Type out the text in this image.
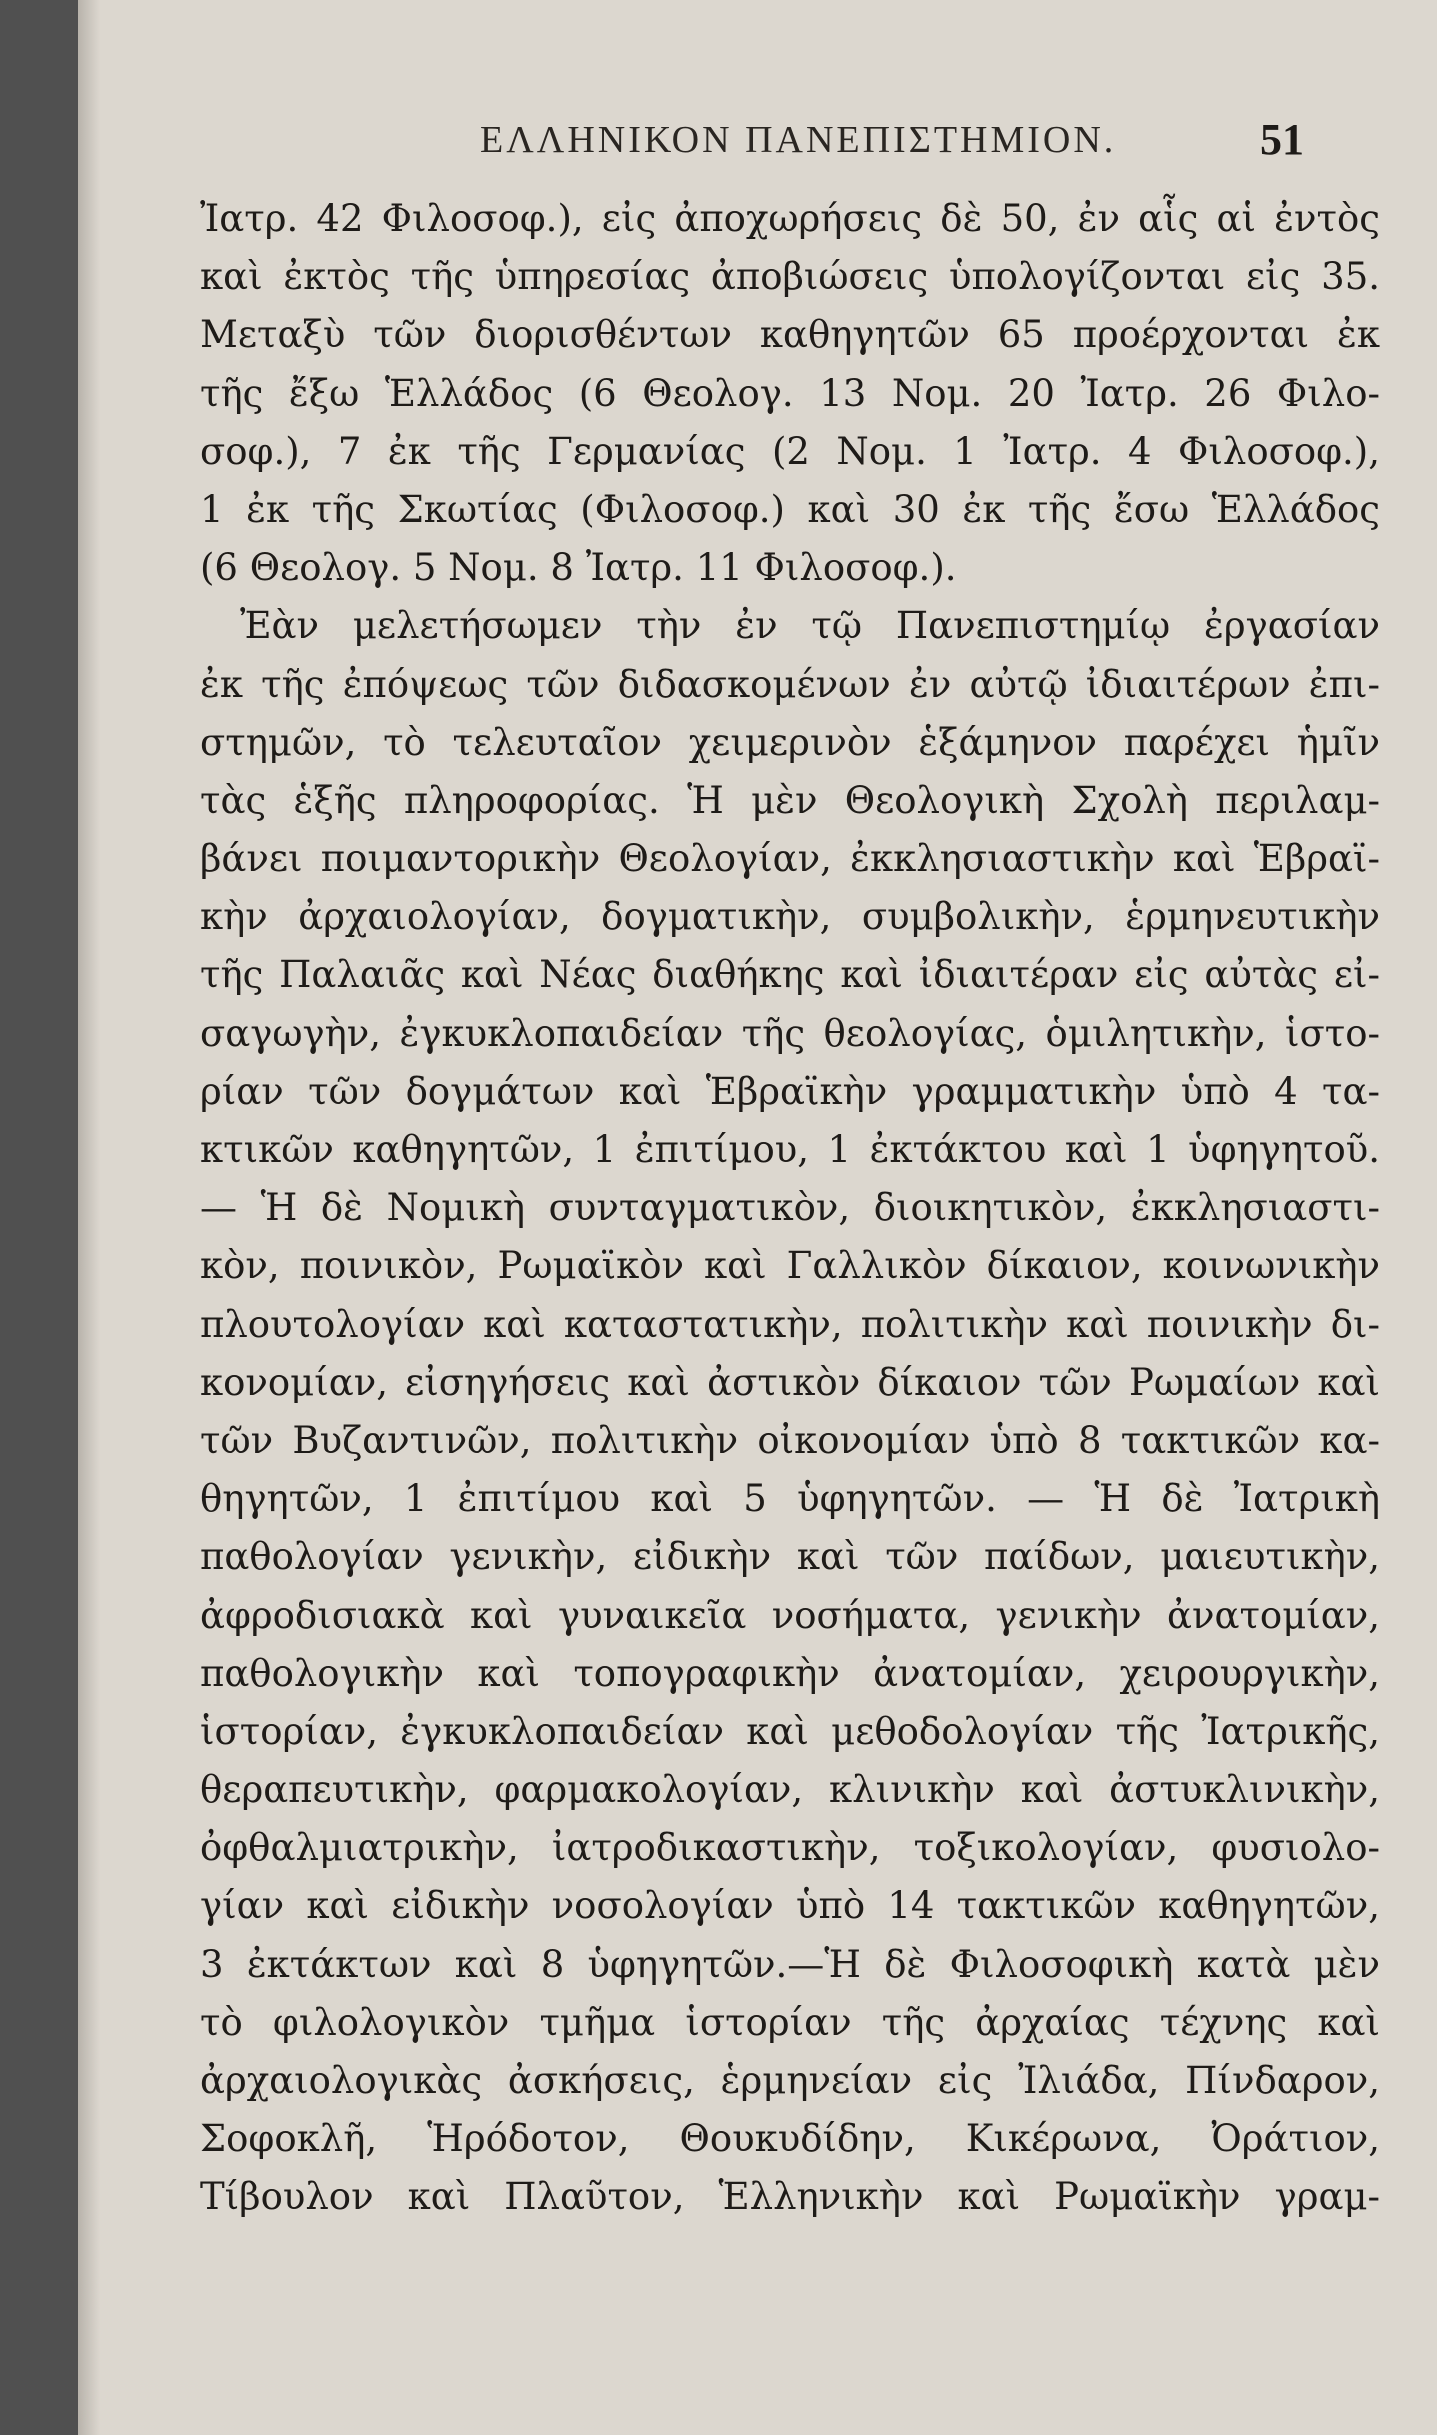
ΕΛΛΗΝΙΚΟΝ ΠΑΝΕΠΙΣΤΗΜΙΟΝ.	51
Ἰατρ. 42 Φιλοσοφ.), εἰς ἀποχωρήσεις δὲ 50, ἐν αἷς αἱ ἐντὸς
καὶ ἐκτὸς τῆς ὑπηρεσίας ἀποβιώσεις ὑπολογίζονται εἰς 35.
Μεταξὺ τῶν διορισθέντων καθηγητῶν 65 προέρχονται ἐκ
τῆς ἔξω Ἑλλάδος (6 Θεολογ. 13 Νομ. 20 Ἰατρ. 26 Φιλο-
σοφ.), 7 ἐκ τῆς Γερμανίας (2 Νομ. 1 Ἰατρ. 4 Φιλοσοφ.),
1 ἐκ τῆς Σκωτίας (Φιλοσοφ.) καὶ 30 ἐκ τῆς ἔσω Ἑλλάδος
(6 Θεολογ. 5 Νομ. 8 Ἰατρ. 11 Φιλοσοφ.).
Ἐὰν μελετήσωμεν τὴν ἐν τῷ Πανεπιστημίῳ ἐργασίαν
ἐκ τῆς ἐπόψεως τῶν διδασκομένων ἐν αὐτῷ ἰδιαιτέρων ἐπι-
στημῶν, τὸ τελευταῖον χειμερινὸν ἑξάμηνον παρέχει ἡμῖν
τὰς ἑξῆς πληροφορίας. Ἡ μὲν Θεολογικὴ Σχολὴ περιλαμ-
βάνει ποιμαντορικὴν Θεολογίαν, ἐκκλησιαστικὴν καὶ Ἑβραϊ-
κὴν ἀρχαιολογίαν, δογματικὴν, συμβολικὴν, ἑρμηνευτικὴν
τῆς Παλαιᾶς καὶ Νέας διαθήκης καὶ ἰδιαιτέραν εἰς αὐτὰς εἰ-
σαγωγὴν, ἐγκυκλοπαιδείαν τῆς θεολογίας, ὁμιλητικὴν, ἱστο-
ρίαν τῶν δογμάτων καὶ Ἑβραϊκὴν γραμματικὴν ὑπὸ 4 τα-
κτικῶν καθηγητῶν, 1 ἐπιτίμου, 1 ἐκτάκτου καὶ 1 ὑφηγητοῦ.
— Ἡ δὲ Νομικὴ συνταγματικὸν, διοικητικὸν, ἐκκλησιαστι-
κὸν, ποινικὸν, Ρωμαϊκὸν καὶ Γαλλικὸν δίκαιον, κοινωνικὴν
πλουτολογίαν καὶ καταστατικὴν, πολιτικὴν καὶ ποινικὴν δι-
κονομίαν, εἰσηγήσεις καὶ ἀστικὸν δίκαιον τῶν Ρωμαίων καὶ
τῶν Βυζαντινῶν, πολιτικὴν οἰκονομίαν ὑπὸ 8 τακτικῶν κα-
θηγητῶν, 1 ἐπιτίμου καὶ 5 ὑφηγητῶν. — Ἡ δὲ Ἰατρικὴ
παθολογίαν γενικὴν, εἰδικὴν καὶ τῶν παίδων, μαιευτικὴν,
ἀφροδισιακὰ καὶ γυναικεῖα νοσήματα, γενικὴν ἀνατομίαν,
παθολογικὴν καὶ τοπογραφικὴν ἀνατομίαν, χειρουργικὴν,
ἱστορίαν, ἐγκυκλοπαιδείαν καὶ μεθοδολογίαν τῆς Ἰατρικῆς,
θεραπευτικὴν, φαρμακολογίαν, κλινικὴν καὶ ἀστυκλινικὴν,
ὀφθαλμιατρικὴν, ἰατροδικαστικὴν, τοξικολογίαν, φυσιολο-
γίαν καὶ εἰδικὴν νοσολογίαν ὑπὸ 14 τακτικῶν καθηγητῶν,
3 ἐκτάκτων καὶ 8 ὑφηγητῶν.—Ἡ δὲ Φιλοσοφικὴ κατὰ μὲν
τὸ φιλολογικὸν τμῆμα ἱστορίαν τῆς ἀρχαίας τέχνης καὶ
ἀρχαιολογικὰς ἀσκήσεις, ἑρμηνείαν εἰς Ἰλιάδα, Πίνδαρον,
Σοφοκλῆ, Ἡρόδοτον, Θουκυδίδην, Κικέρωνα, Ὀράτιον,
Τίβουλον καὶ Πλαῦτον, Ἑλληνικὴν καὶ Ρωμαϊκὴν γραμ-
